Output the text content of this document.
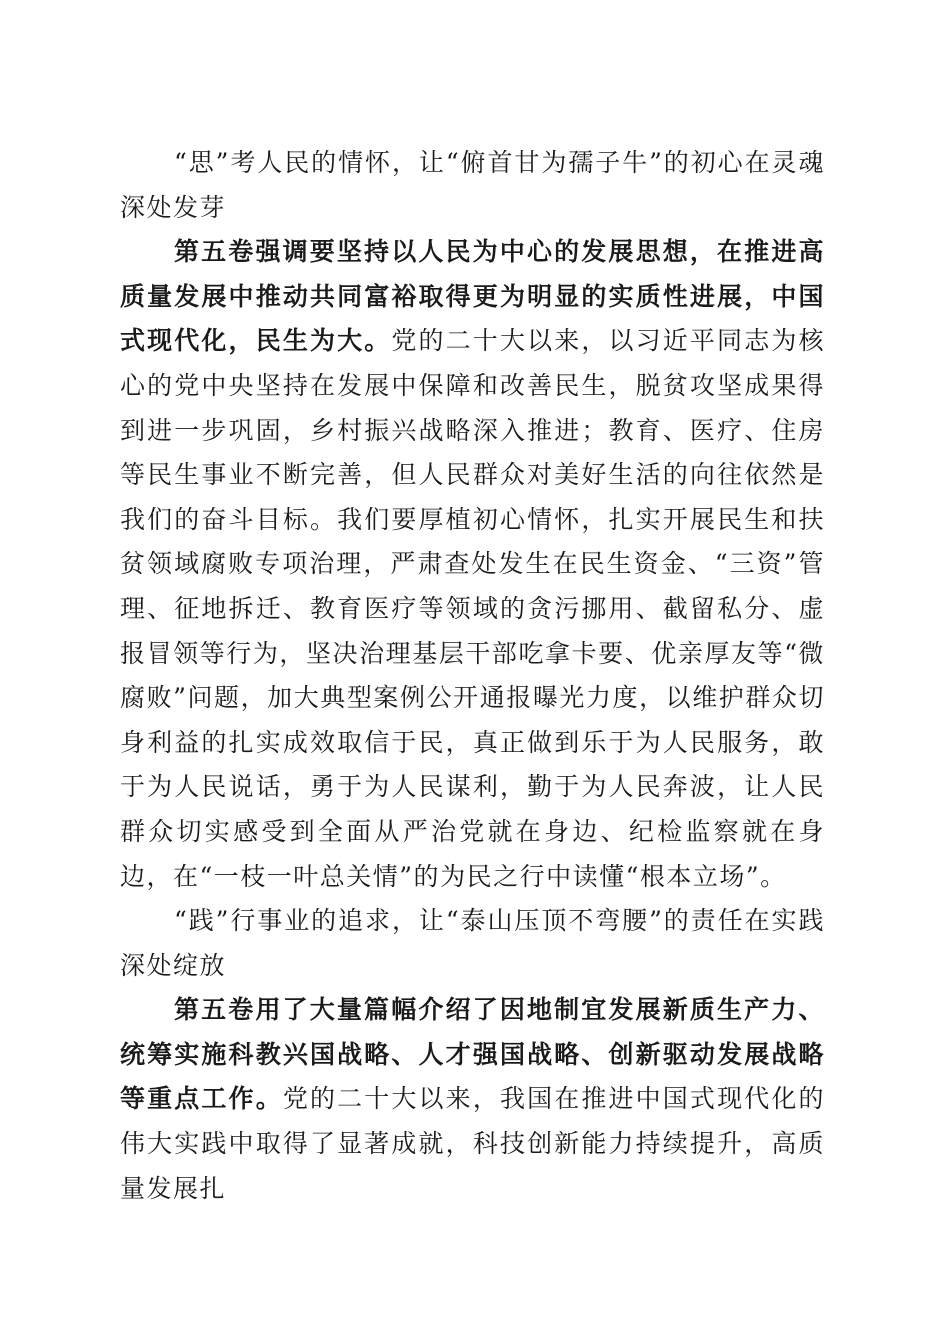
“思”考人民的情怀，让“俯首甘为孺子牛”的初心在灵魂深处发芽

第五卷强调要坚持以人民为中心的发展思想，在推进高质量发展中推动共同富裕取得更为明显的实质性进展，中国式现代化，民生为大。党的二十大以来，以习近平同志为核心的党中央坚持在发展中保障和改善民生，脱贫攻坚成果得到进一步巩固，乡村振兴战略深入推进；教育、医疗、住房等民生事业不断完善，但人民群众对美好生活的向往依然是我们的奋斗目标。我们要厚植初心情怀，扎实开展民生和扶贫领域腐败专项治理，严肃查处发生在民生资金、“三资”管理、征地拆迁、教育医疗等领域的贪污挪用、截留私分、虚报冒领等行为，坚决治理基层干部吃拿卡要、优亲厚友等“微腐败”问题，加大典型案例公开通报曝光力度，以维护群众切身利益的扎实成效取信于民，真正做到乐于为人民服务，敢于为人民说话，勇于为人民谋利，勤于为人民奔波，让人民群众切实感受到全面从严治党就在身边、纪检监察就在身边，在“一枝一叶总关情”的为民之行中读懂“根本立场”。

“践”行事业的追求，让“泰山压顶不弯腰”的责任在实践深处绽放

第五卷用了大量篇幅介绍了因地制宜发展新质生产力、统筹实施科教兴国战略、人才强国战略、创新驱动发展战略等重点工作。党的二十大以来，我国在推进中国式现代化的伟大实践中取得了显著成就，科技创新能力持续提升，高质量发展扎
